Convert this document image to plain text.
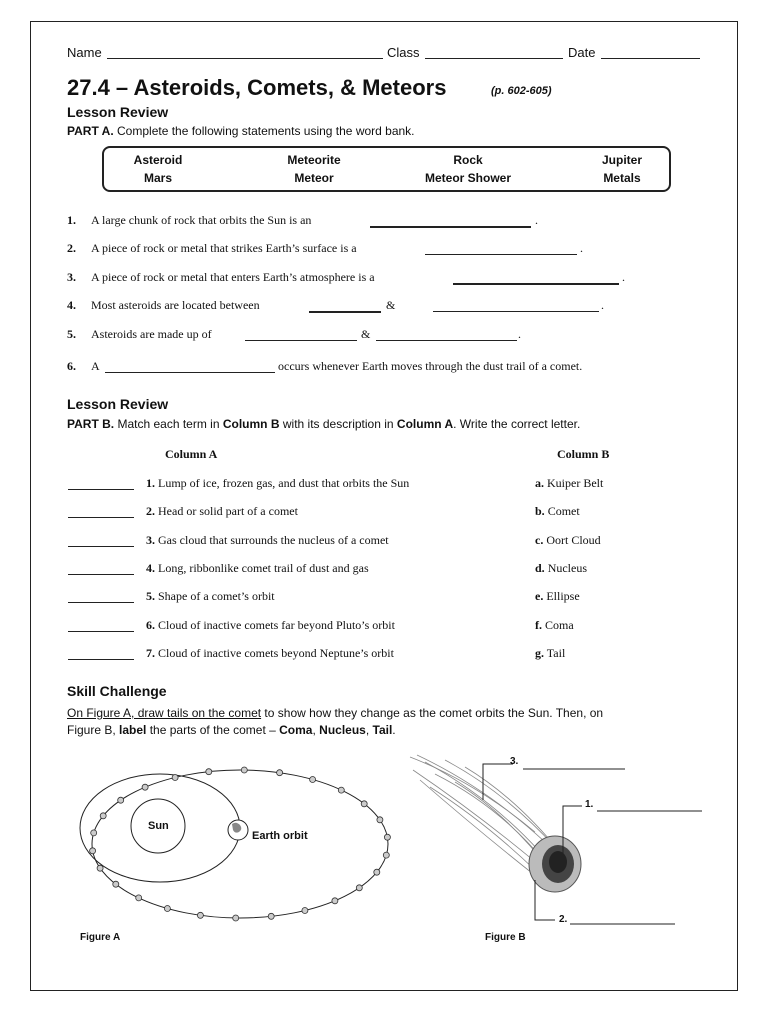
Name	Class	Date
27.4 – Asteroids, Comets, & Meteors	(p. 602-605)
Lesson Review
PART A. Complete the following statements using the word bank.
Asteroid	Meteorite	Rock	Jupiter
Mars	Meteor	Meteor Shower	Metals
1. A large chunk of rock that orbits the Sun is an	.
2. A piece of rock or metal that strikes Earth’s surface is a	.
3. A piece of rock or metal that enters Earth’s atmosphere is a	.
4. Most asteroids are located between	&	.
5. Asteroids are made up of	&	.
6. A	occurs whenever Earth moves through the dust trail of a comet.
Lesson Review
PART B. Match each term in Column B with its description in Column A. Write the correct letter.
Column A	Column B
1. Lump of ice, frozen gas, and dust that orbits the Sun	a. Kuiper Belt
2. Head or solid part of a comet	b. Comet
3. Gas cloud that surrounds the nucleus of a comet	c. Oort Cloud
4. Long, ribbonlike comet trail of dust and gas	d. Nucleus
5. Shape of a comet’s orbit	e. Ellipse
6. Cloud of inactive comets far beyond Pluto’s orbit	f. Coma
7. Cloud of inactive comets beyond Neptune’s orbit	g. Tail
Skill Challenge
On Figure A, draw tails on the comet to show how they change as the comet orbits the Sun. Then, on
Figure B, label the parts of the comet – Coma, Nucleus, Tail.
Sun
Earth orbit
Figure A
3.
1.
2.
Figure B
